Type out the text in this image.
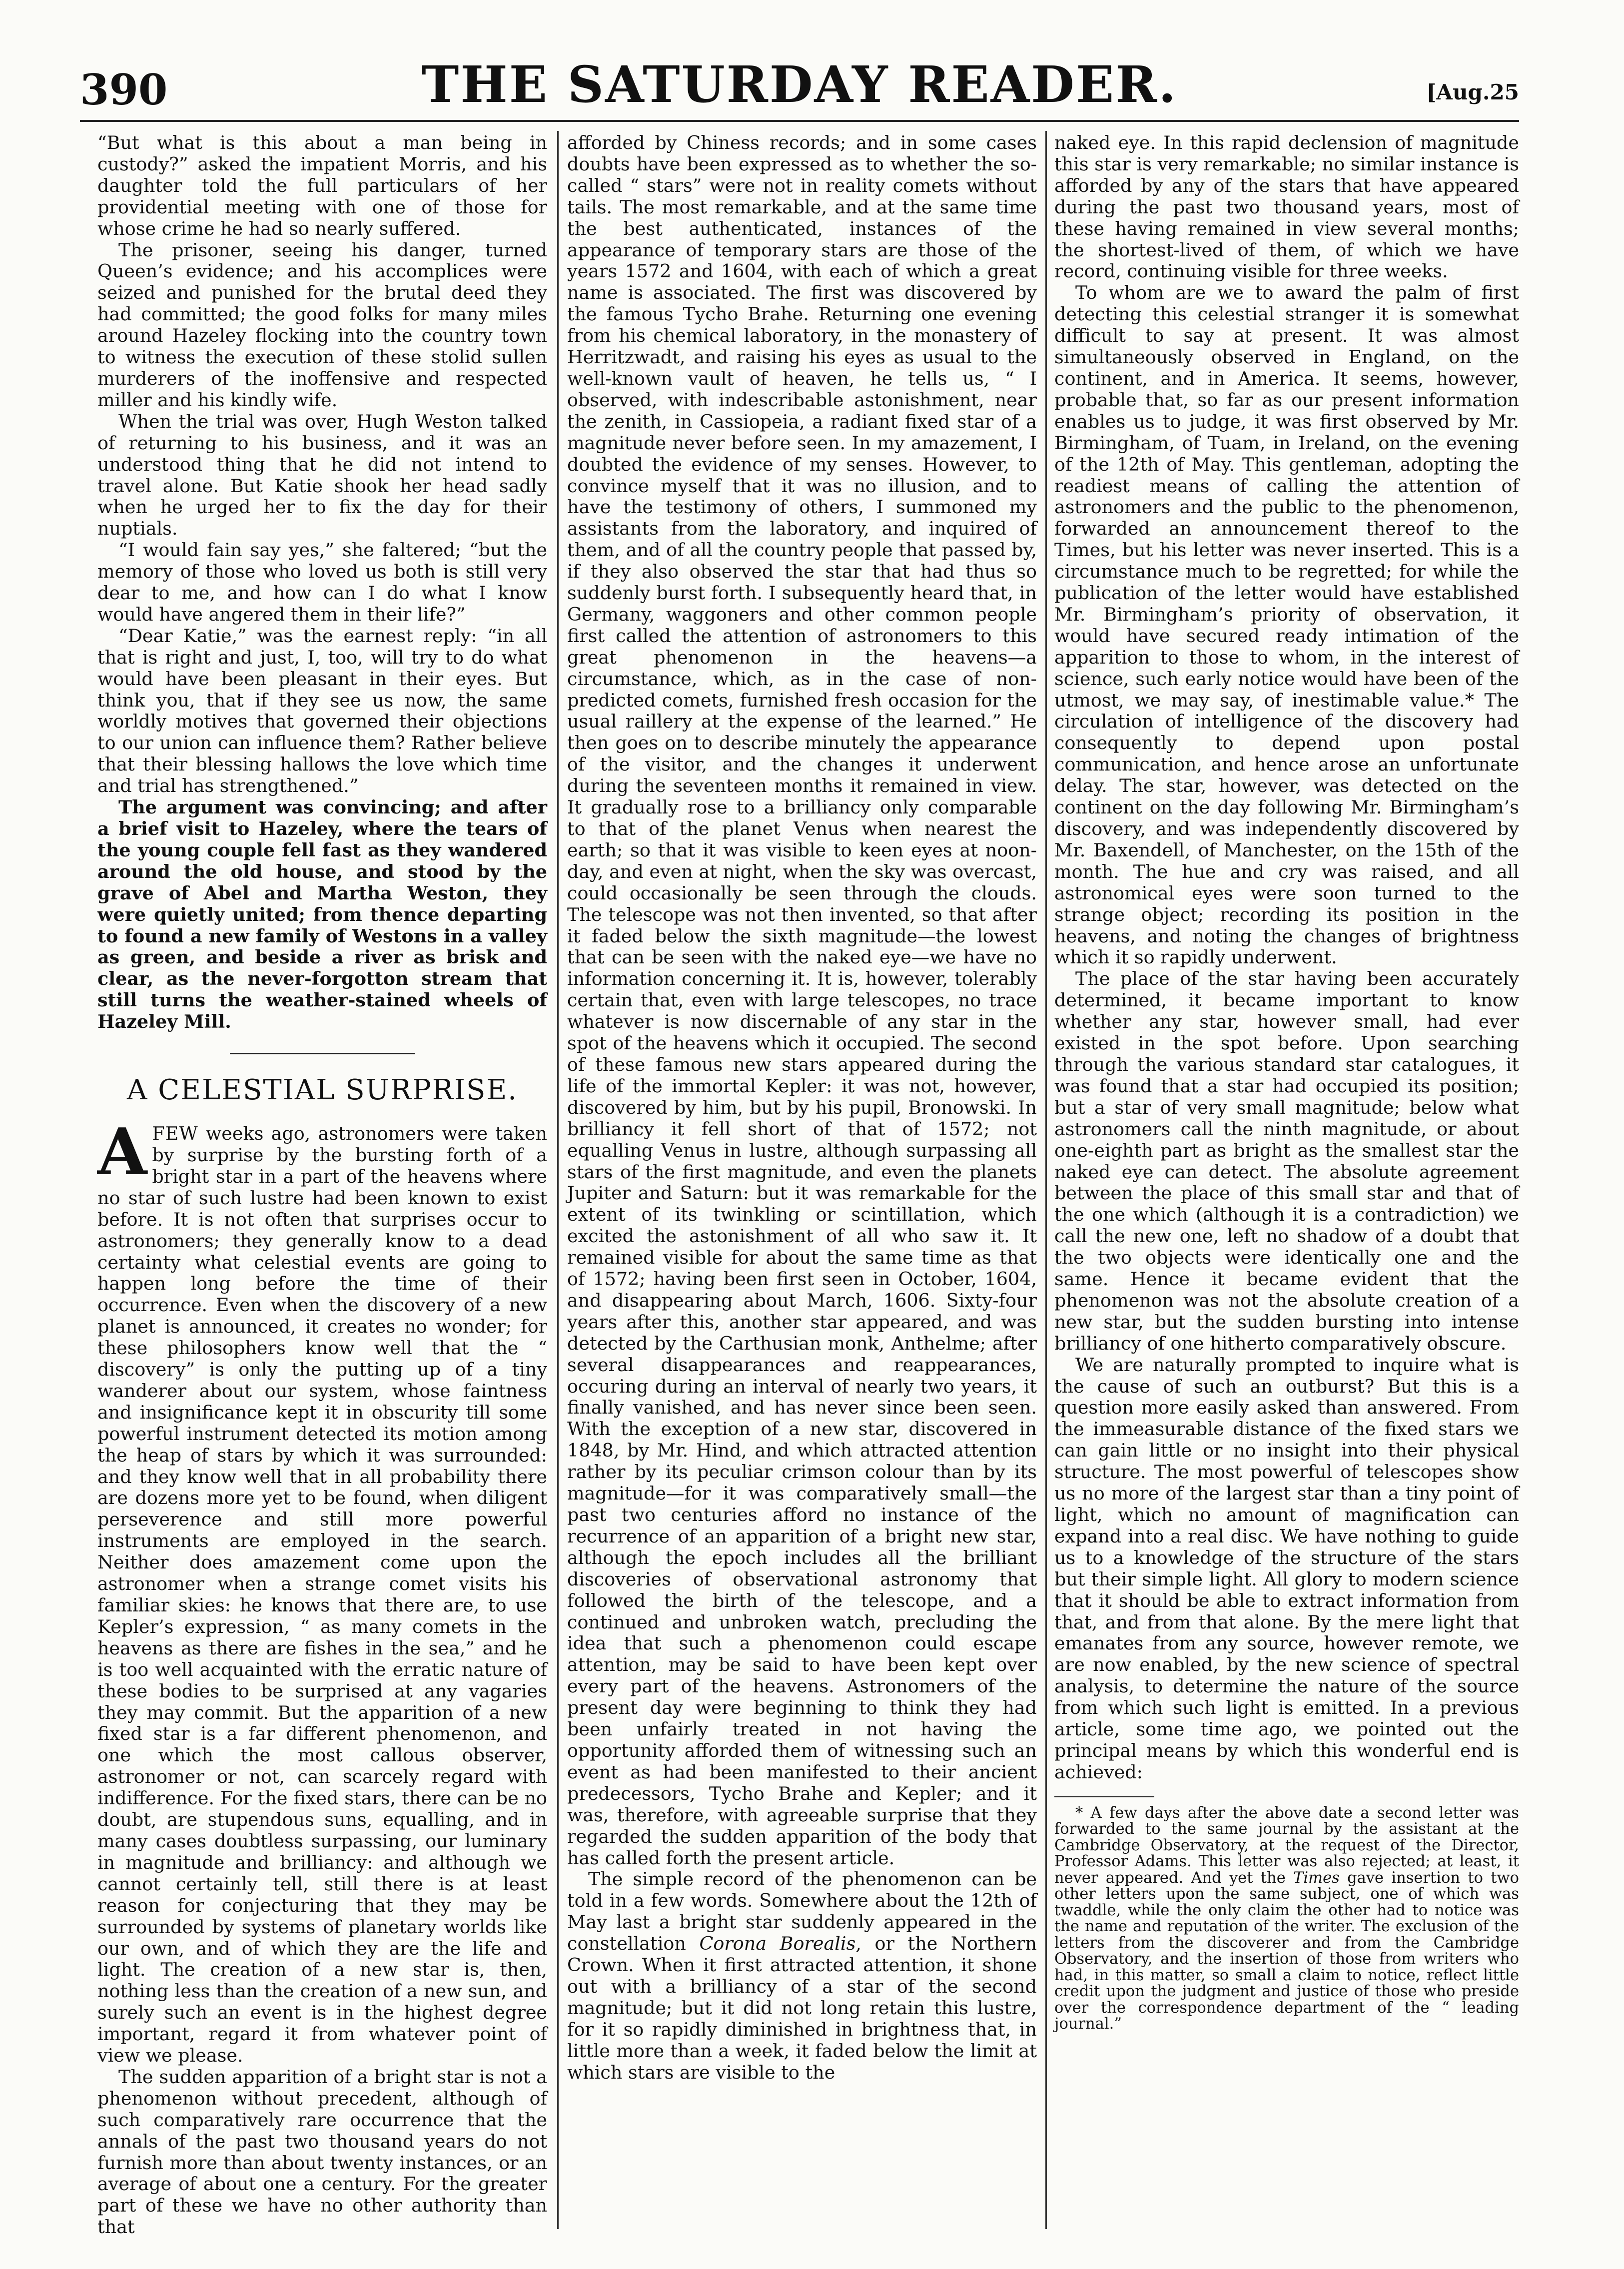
390	THE SATURDAY READER.	[Aug.25

“But what is this about a man being in custody?” asked the impatient Morris, and his daughter told the full particulars of her providential meeting with one of those for whose crime he had so nearly suffered.

The prisoner, seeing his danger, turned Queen’s evidence; and his accomplices were seized and punished for the brutal deed they had committed; the good folks for many miles around Hazeley flocking into the country town to witness the execution of these stolid sullen murderers of the inoffensive and respected miller and his kindly wife.

When the trial was over, Hugh Weston talked of returning to his business, and it was an understood thing that he did not intend to travel alone. But Katie shook her head sadly when he urged her to fix the day for their nuptials.

“I would fain say yes,” she faltered; “but the memory of those who loved us both is still very dear to me, and how can I do what I know would have angered them in their life?”

“Dear Katie,” was the earnest reply: “in all that is right and just, I, too, will try to do what would have been pleasant in their eyes. But think you, that if they see us now, the same worldly motives that governed their objections to our union can influence them? Rather believe that their blessing hallows the love which time and trial has strengthened.”

The argument was convincing; and after a brief visit to Hazeley, where the tears of the young couple fell fast as they wandered around the old house, and stood by the grave of Abel and Martha Weston, they were quietly united; from thence departing to found a new family of Westons in a valley as green, and beside a river as brisk and clear, as the never-forgotton stream that still turns the weather-stained wheels of Hazeley Mill.

A CELESTIAL SURPRISE.

AFEW weeks ago, astronomers were taken by surprise by the bursting forth of a bright star in a part of the heavens where no star of such lustre had been known to exist before. It is not often that surprises occur to astronomers; they generally know to a dead certainty what celestial events are going to happen long before the time of their occurrence. Even when the discovery of a new planet is announced, it creates no wonder; for these philosophers know well that the “ discovery” is only the putting up of a tiny wanderer about our system, whose faintness and insignificance kept it in obscurity till some powerful instrument detected its motion among the heap of stars by which it was surrounded: and they know well that in all probability there are dozens more yet to be found, when diligent perseverence and still more powerful instruments are employed in the search. Neither does amazement come upon the astronomer when a strange comet visits his familiar skies: he knows that there are, to use Kepler’s expression, “ as many comets in the heavens as there are fishes in the sea,” and he is too well acquainted with the erratic nature of these bodies to be surprised at any vagaries they may commit. But the apparition of a new fixed star is a far different phenomenon, and one which the most callous observer, astronomer or not, can scarcely regard with indifference. For the fixed stars, there can be no doubt, are stupendous suns, equalling, and in many cases doubtless surpassing, our luminary in magnitude and brilliancy: and although we cannot certainly tell, still there is at least reason for conjecturing that they may be surrounded by systems of planetary worlds like our own, and of which they are the life and light. The creation of a new star is, then, nothing less than the creation of a new sun, and surely such an event is in the highest degree important, regard it from whatever point of view we please.

The sudden apparition of a bright star is not a phenomenon without precedent, although of such comparatively rare occurrence that the annals of the past two thousand years do not furnish more than about twenty instances, or an average of about one a century. For the greater part of these we have no other authority than that

afforded by Chiness records; and in some cases doubts have been expressed as to whether the so-called “ stars” were not in reality comets without tails. The most remarkable, and at the same time the best authenticated, instances of the appearance of temporary stars are those of the years 1572 and 1604, with each of which a great name is associated. The first was discovered by the famous Tycho Brahe. Returning one evening from his chemical laboratory, in the monastery of Herritzwadt, and raising his eyes as usual to the well-known vault of heaven, he tells us, “ I observed, with indescribable astonishment, near the zenith, in Cassiopeia, a radiant fixed star of a magnitude never before seen. In my amazement, I doubted the evidence of my senses. However, to convince myself that it was no illusion, and to have the testimony of others, I summoned my assistants from the laboratory, and inquired of them, and of all the country people that passed by, if they also observed the star that had thus so suddenly burst forth. I subsequently heard that, in Germany, waggoners and other common people first called the attention of astronomers to this great phenomenon in the heavens—a circumstance, which, as in the case of non-predicted comets, furnished fresh occasion for the usual raillery at the expense of the learned.” He then goes on to describe minutely the appearance of the visitor, and the changes it underwent during the seventeen months it remained in view. It gradually rose to a brilliancy only comparable to that of the planet Venus when nearest the earth; so that it was visible to keen eyes at noon-day, and even at night, when the sky was overcast, could occasionally be seen through the clouds. The telescope was not then invented, so that after it faded below the sixth magnitude—the lowest that can be seen with the naked eye—we have no information concerning it. It is, however, tolerably certain that, even with large telescopes, no trace whatever is now discernable of any star in the spot of the heavens which it occupied. The second of these famous new stars appeared during the life of the immortal Kepler: it was not, however, discovered by him, but by his pupil, Bronowski. In brilliancy it fell short of that of 1572; not equalling Venus in lustre, although surpassing all stars of the first magnitude, and even the planets Jupiter and Saturn: but it was remarkable for the extent of its twinkling or scintillation, which excited the astonishment of all who saw it. It remained visible for about the same time as that of 1572; having been first seen in October, 1604, and disappearing about March, 1606. Sixty-four years after this, another star appeared, and was detected by the Carthusian monk, Anthelme; after several disappearances and reappearances, occuring during an interval of nearly two years, it finally vanished, and has never since been seen. With the exception of a new star, discovered in 1848, by Mr. Hind, and which attracted attention rather by its peculiar crimson colour than by its magnitude—for it was comparatively small—the past two centuries afford no instance of the recurrence of an apparition of a bright new star, although the epoch includes all the brilliant discoveries of observational astronomy that followed the birth of the telescope, and a continued and unbroken watch, precluding the idea that such a phenomenon could escape attention, may be said to have been kept over every part of the heavens. Astronomers of the present day were beginning to think they had been unfairly treated in not having the opportunity afforded them of witnessing such an event as had been manifested to their ancient predecessors, Tycho Brahe and Kepler; and it was, therefore, with agreeable surprise that they regarded the sudden apparition of the body that has called forth the present article.

The simple record of the phenomenon can be told in a few words. Somewhere about the 12th of May last a bright star suddenly appeared in the constellation Corona Borealis, or the Northern Crown. When it first attracted attention, it shone out with a brilliancy of a star of the second magnitude; but it did not long retain this lustre, for it so rapidly diminished in brightness that, in little more than a week, it faded below the limit at which stars are visible to the

naked eye. In this rapid declension of magnitude this star is very remarkable; no similar instance is afforded by any of the stars that have appeared during the past two thousand years, most of these having remained in view several months; the shortest-lived of them, of which we have record, continuing visible for three weeks.

To whom are we to award the palm of first detecting this celestial stranger it is somewhat difficult to say at present. It was almost simultaneously observed in England, on the continent, and in America. It seems, however, probable that, so far as our present information enables us to judge, it was first observed by Mr. Birmingham, of Tuam, in Ireland, on the evening of the 12th of May. This gentleman, adopting the readiest means of calling the attention of astronomers and the public to the phenomenon, forwarded an announcement thereof to the Times, but his letter was never inserted. This is a circumstance much to be regretted; for while the publication of the letter would have established Mr. Birmingham’s priority of observation, it would have secured ready intimation of the apparition to those to whom, in the interest of science, such early notice would have been of the utmost, we may say, of inestimable value.* The circulation of intelligence of the discovery had consequently to depend upon postal communication, and hence arose an unfortunate delay. The star, however, was detected on the continent on the day following Mr. Birmingham’s discovery, and was independently discovered by Mr. Baxendell, of Manchester, on the 15th of the month. The hue and cry was raised, and all astronomical eyes were soon turned to the strange object; recording its position in the heavens, and noting the changes of brightness which it so rapidly underwent.

The place of the star having been accurately determined, it became important to know whether any star, however small, had ever existed in the spot before. Upon searching through the various standard star catalogues, it was found that a star had occupied its position; but a star of very small magnitude; below what astronomers call the ninth magnitude, or about one-eighth part as bright as the smallest star the naked eye can detect. The absolute agreement between the place of this small star and that of the one which (although it is a contradiction) we call the new one, left no shadow of a doubt that the two objects were identically one and the same. Hence it became evident that the phenomenon was not the absolute creation of a new star, but the sudden bursting into intense brilliancy of one hitherto comparatively obscure.

We are naturally prompted to inquire what is the cause of such an outburst? But this is a question more easily asked than answered. From the immeasurable distance of the fixed stars we can gain little or no insight into their physical structure. The most powerful of telescopes show us no more of the largest star than a tiny point of light, which no amount of magnification can expand into a real disc. We have nothing to guide us to a knowledge of the structure of the stars but their simple light. All glory to modern science that it should be able to extract information from that, and from that alone. By the mere light that emanates from any source, however remote, we are now enabled, by the new science of spectral analysis, to determine the nature of the source from which such light is emitted. In a previous article, some time ago, we pointed out the principal means by which this wonderful end is achieved:

* A few days after the above date a second letter was forwarded to the same journal by the assistant at the Cambridge Observatory, at the request of the Director, Professor Adams. This letter was also rejected; at least, it never appeared. And yet the Times gave insertion to two other letters upon the same subject, one of which was twaddle, while the only claim the other had to notice was the name and reputation of the writer. The exclusion of the letters from the discoverer and from the Cambridge Observatory, and the insertion of those from writers who had, in this matter, so small a claim to notice, reflect little credit upon the judgment and justice of those who preside over the correspondence department of the “ leading journal.”
